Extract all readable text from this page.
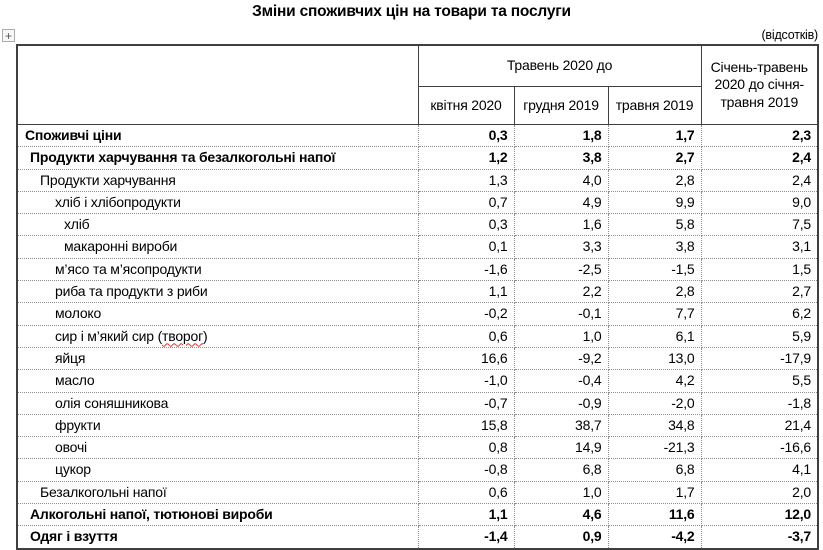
Зміни споживчих цін на товари та послуги
+	(відсотків)
	Травень 2020 до			Січень-травень 2020 до січня-травня 2019
	квітня 2020	грудня 2019	травня 2019	
Споживчі ціни	0,3	1,8	1,7	2,3
Продукти харчування та безалкогольні напої	1,2	3,8	2,7	2,4
Продукти харчування	1,3	4,0	2,8	2,4
хліб і хлібопродукти	0,7	4,9	9,9	9,0
хліб	0,3	1,6	5,8	7,5
макаронні вироби	0,1	3,3	3,8	3,1
м’ясо та м’ясопродукти	-1,6	-2,5	-1,5	1,5
риба та продукти з риби	1,1	2,2	2,8	2,7
молоко	-0,2	-0,1	7,7	6,2
сир і м’який сир (творог)	0,6	1,0	6,1	5,9
яйця	16,6	-9,2	13,0	-17,9
масло	-1,0	-0,4	4,2	5,5
олія соняшникова	-0,7	-0,9	-2,0	-1,8
фрукти	15,8	38,7	34,8	21,4
овочі	0,8	14,9	-21,3	-16,6
цукор	-0,8	6,8	6,8	4,1
Безалкогольні напої	0,6	1,0	1,7	2,0
Алкогольні напої, тютюнові вироби	1,1	4,6	11,6	12,0
Одяг і взуття	-1,4	0,9	-4,2	-3,7
